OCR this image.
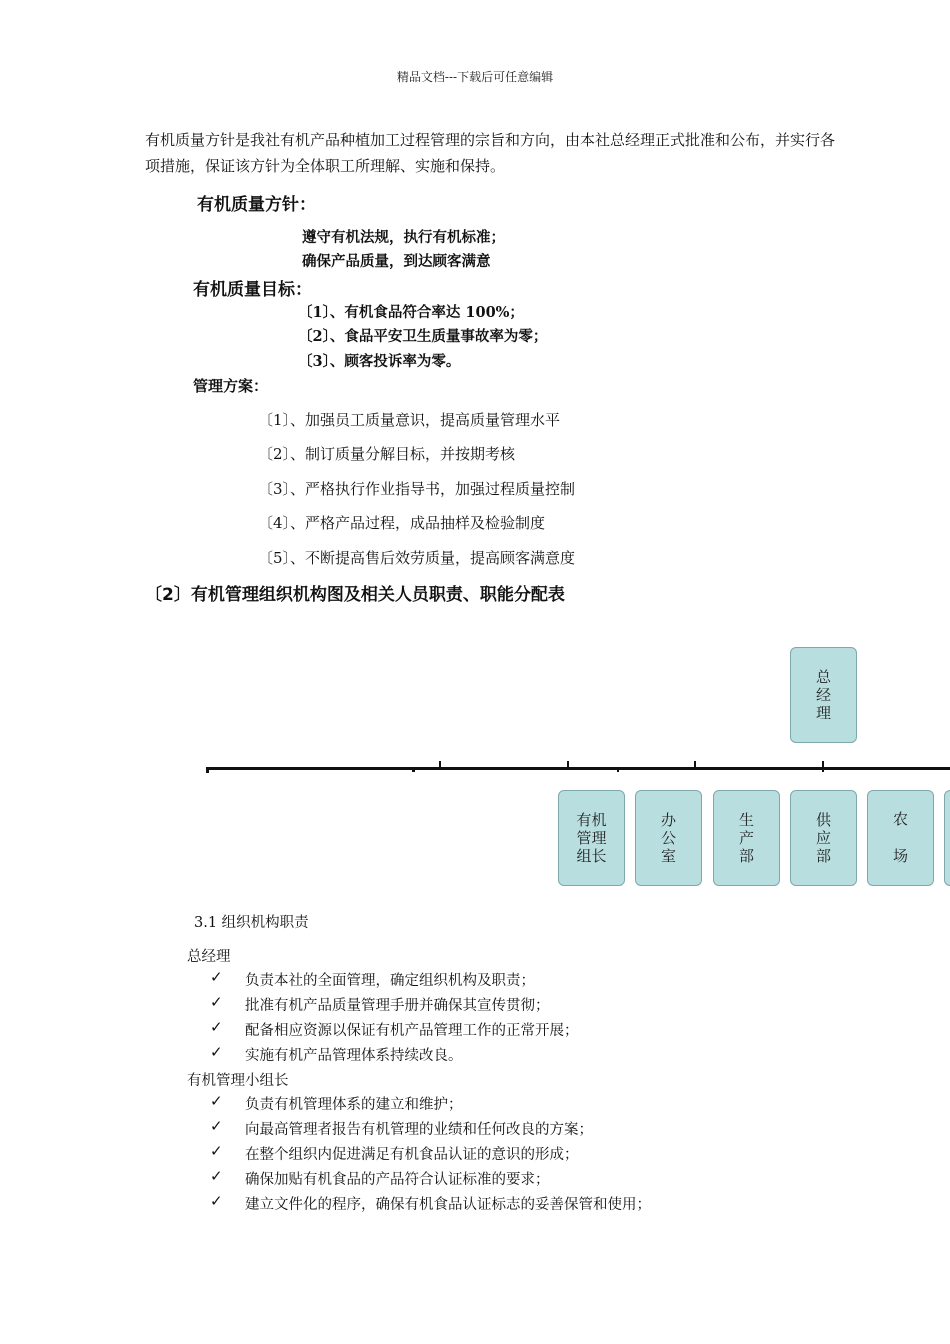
精品文档---下载后可任意编辑
有机质量方针是我社有机产品种植加工过程管理的宗旨和方向，由本社总经理正式批准和公布，并实行各项措施，保证该方针为全体职工所理解、实施和保持。
有机质量方针：
遵守有机法规，执行有机标准；
确保产品质量，到达顾客满意
有机质量目标：
〔1〕、有机食品符合率达 100%；
〔2〕、食品平安卫生质量事故率为零；
〔3〕、顾客投诉率为零。
管理方案：
〔1〕、加强员工质量意识，提高质量管理水平
〔2〕、制订质量分解目标，并按期考核
〔3〕、严格执行作业指导书，加强过程质量控制
〔4〕、严格产品过程，成品抽样及检验制度
〔5〕、不断提高售后效劳质量，提高顾客满意度
〔2〕有机管理组织机构图及相关人员职责、职能分配表
总经理
有机管理组长
办公室
生产部
供应部
农场
3.1 组织机构职责
总经理
✓ 负责本社的全面管理，确定组织机构及职责；
✓ 批准有机产品质量管理手册并确保其宣传贯彻；
✓ 配备相应资源以保证有机产品管理工作的正常开展；
✓ 实施有机产品管理体系持续改良。
有机管理小组长
✓ 负责有机管理体系的建立和维护；
✓ 向最高管理者报告有机管理的业绩和任何改良的方案；
✓ 在整个组织内促进满足有机食品认证的意识的形成；
✓ 确保加贴有机食品的产品符合认证标准的要求；
✓ 建立文件化的程序，确保有机食品认证标志的妥善保管和使用；
